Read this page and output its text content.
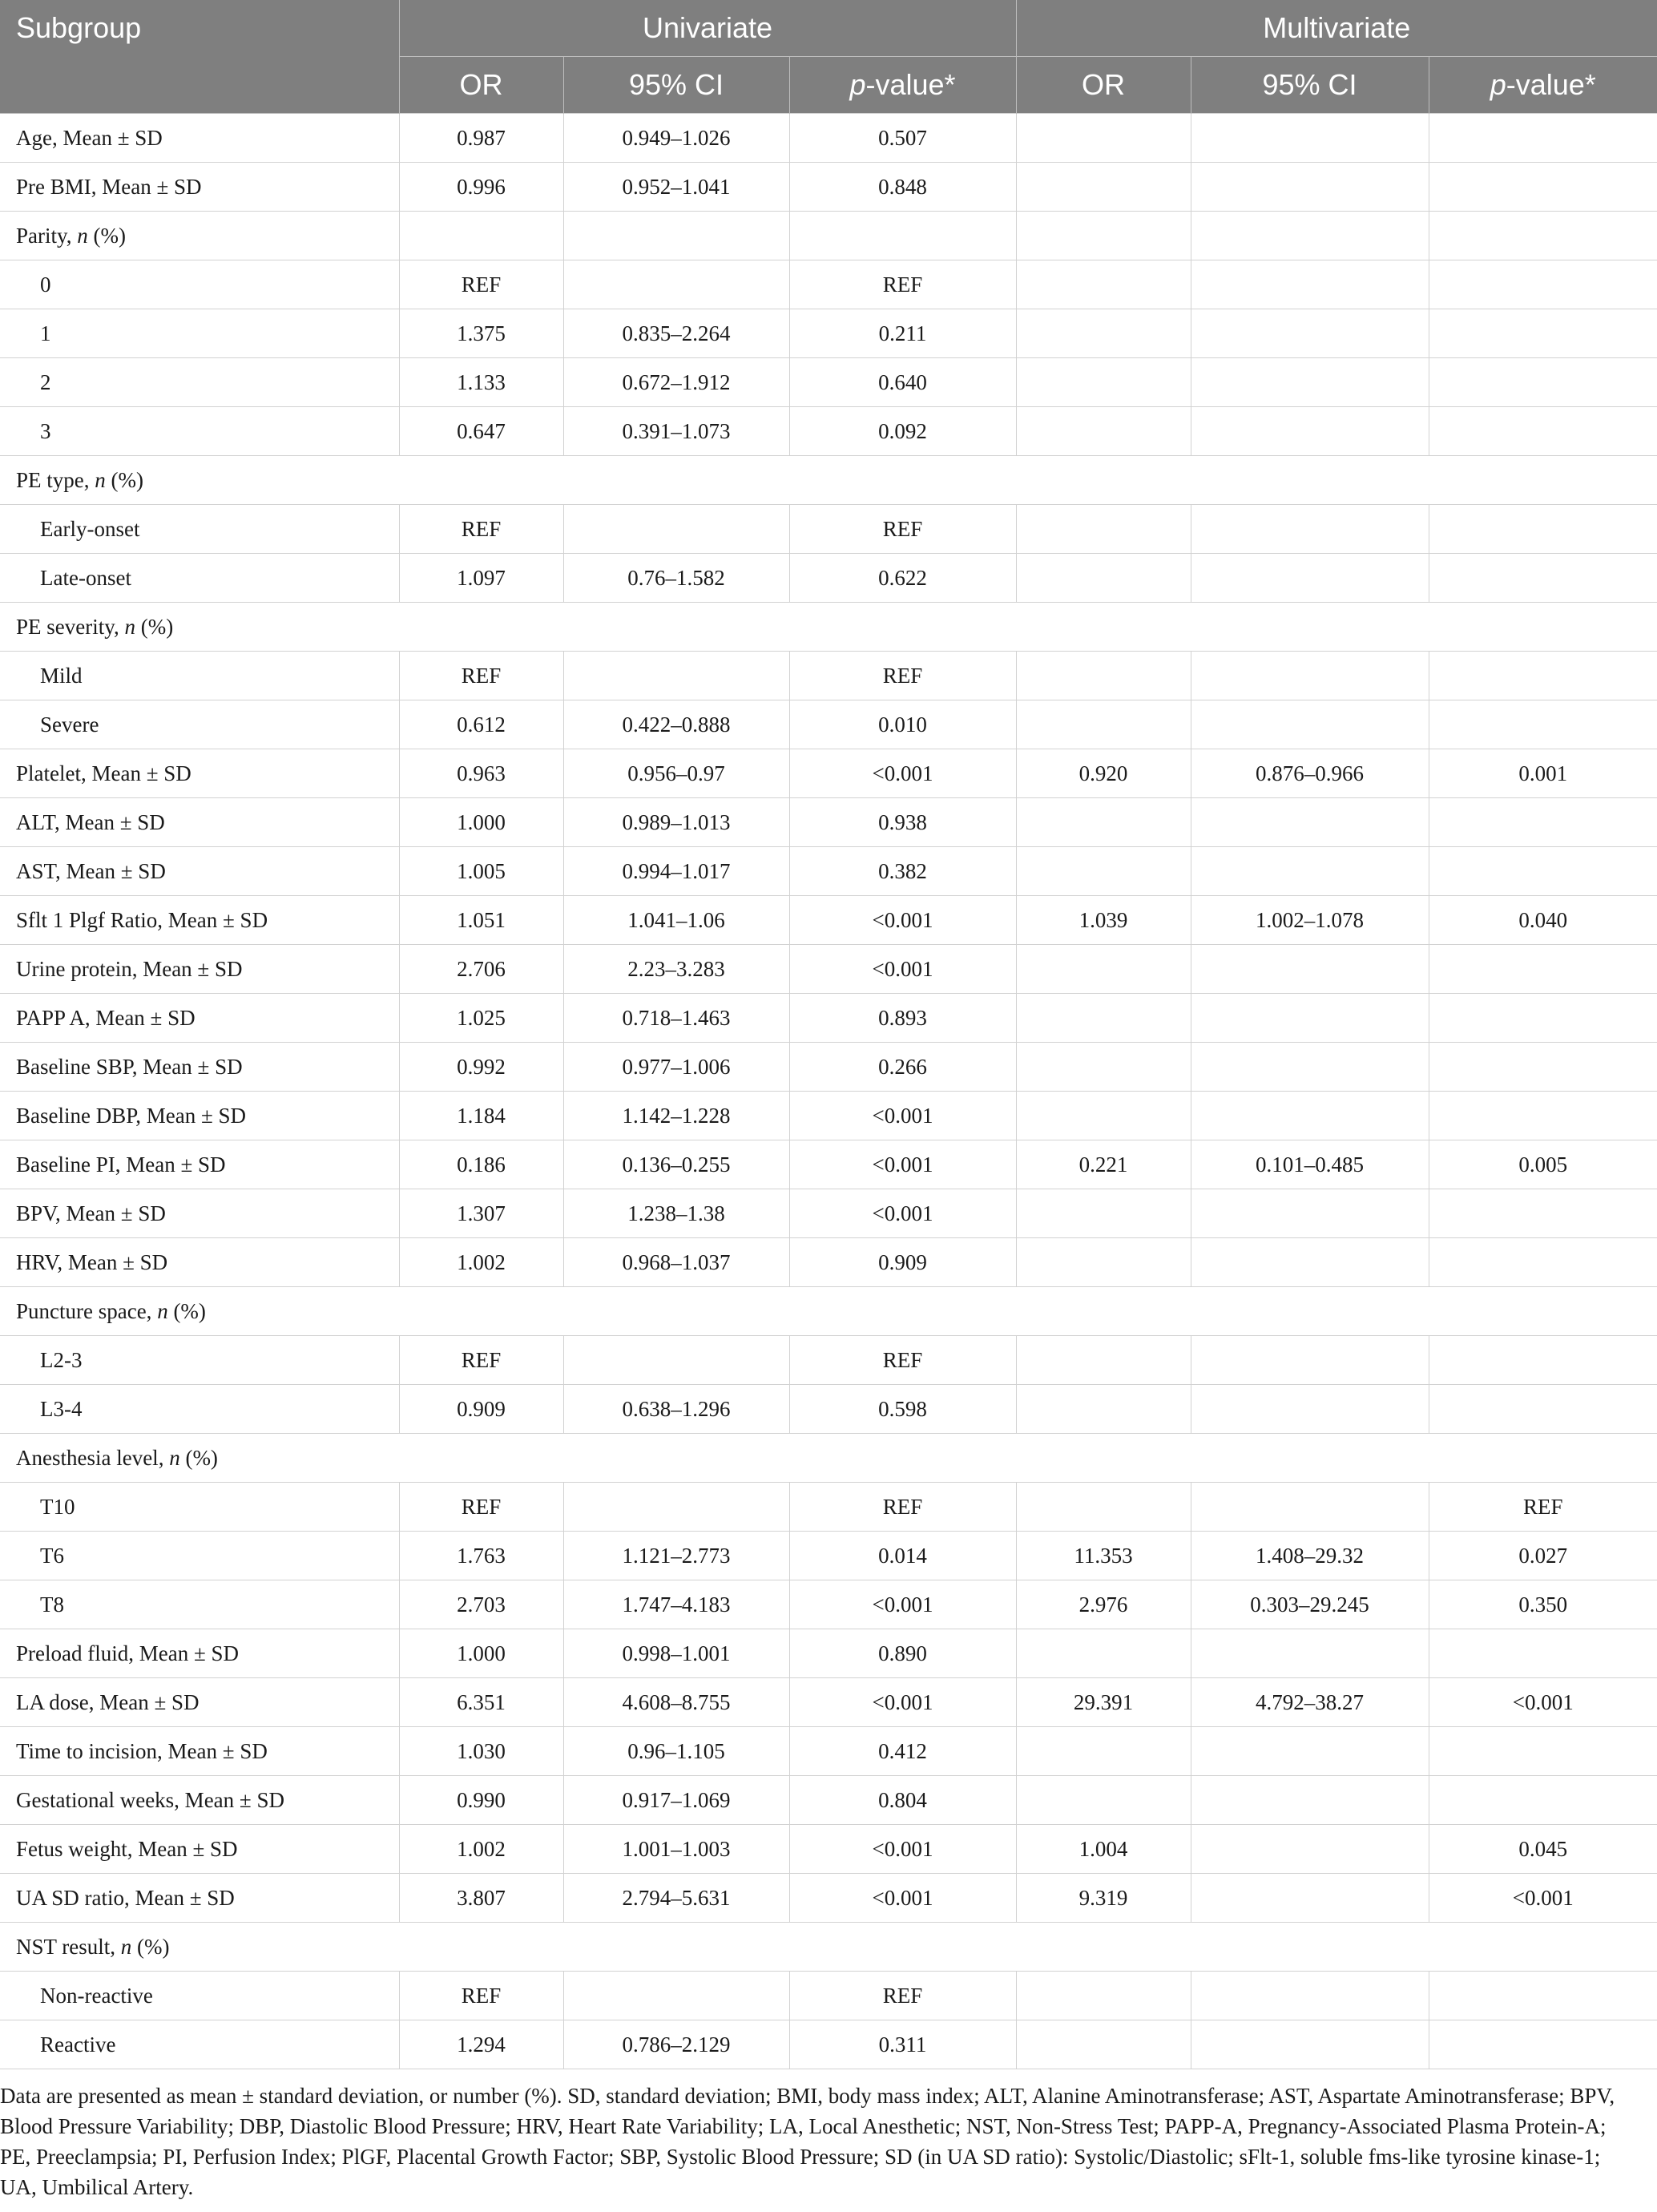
Subgroup	Univariate			Multivariate		
	OR	95% CI	p-value*	OR	95% CI	p-value*
Age, Mean ± SD	0.987	0.949–1.026	0.507			
Pre BMI, Mean ± SD	0.996	0.952–1.041	0.848			
Parity, n (%)						
0	REF		REF			
1	1.375	0.835–2.264	0.211			
2	1.133	0.672–1.912	0.640			
3	0.647	0.391–1.073	0.092			
PE type, n (%)						
Early-onset	REF		REF			
Late-onset	1.097	0.76–1.582	0.622			
PE severity, n (%)						
Mild	REF		REF			
Severe	0.612	0.422–0.888	0.010			
Platelet, Mean ± SD	0.963	0.956–0.97	<0.001	0.920	0.876–0.966	0.001
ALT, Mean ± SD	1.000	0.989–1.013	0.938			
AST, Mean ± SD	1.005	0.994–1.017	0.382			
Sflt 1 Plgf Ratio, Mean ± SD	1.051	1.041–1.06	<0.001	1.039	1.002–1.078	0.040
Urine protein, Mean ± SD	2.706	2.23–3.283	<0.001			
PAPP A, Mean ± SD	1.025	0.718–1.463	0.893			
Baseline SBP, Mean ± SD	0.992	0.977–1.006	0.266			
Baseline DBP, Mean ± SD	1.184	1.142–1.228	<0.001			
Baseline PI, Mean ± SD	0.186	0.136–0.255	<0.001	0.221	0.101–0.485	0.005
BPV, Mean ± SD	1.307	1.238–1.38	<0.001			
HRV, Mean ± SD	1.002	0.968–1.037	0.909			
Puncture space, n (%)						
L2-3	REF		REF			
L3-4	0.909	0.638–1.296	0.598			
Anesthesia level, n (%)						
T10	REF		REF			REF
T6	1.763	1.121–2.773	0.014	11.353	1.408–29.32	0.027
T8	2.703	1.747–4.183	<0.001	2.976	0.303–29.245	0.350
Preload fluid, Mean ± SD	1.000	0.998–1.001	0.890			
LA dose, Mean ± SD	6.351	4.608–8.755	<0.001	29.391	4.792–38.27	<0.001
Time to incision, Mean ± SD	1.030	0.96–1.105	0.412			
Gestational weeks, Mean ± SD	0.990	0.917–1.069	0.804			
Fetus weight, Mean ± SD	1.002	1.001–1.003	<0.001	1.004		0.045
UA SD ratio, Mean ± SD	3.807	2.794–5.631	<0.001	9.319		<0.001
NST result, n (%)						
Non-reactive	REF		REF			
Reactive	1.294	0.786–2.129	0.311			
Data are presented as mean ± standard deviation, or number (%). SD, standard deviation; BMI, body mass index; ALT, Alanine Aminotransferase; AST, Aspartate Aminotransferase; BPV, Blood Pressure Variability; DBP, Diastolic Blood Pressure; HRV, Heart Rate Variability; LA, Local Anesthetic; NST, Non-Stress Test; PAPP-A, Pregnancy-Associated Plasma Protein-A; PE, Preeclampsia; PI, Perfusion Index; PlGF, Placental Growth Factor; SBP, Systolic Blood Pressure; SD (in UA SD ratio): Systolic/Diastolic; sFlt-1, soluble fms-like tyrosine kinase-1; UA, Umbilical Artery.
